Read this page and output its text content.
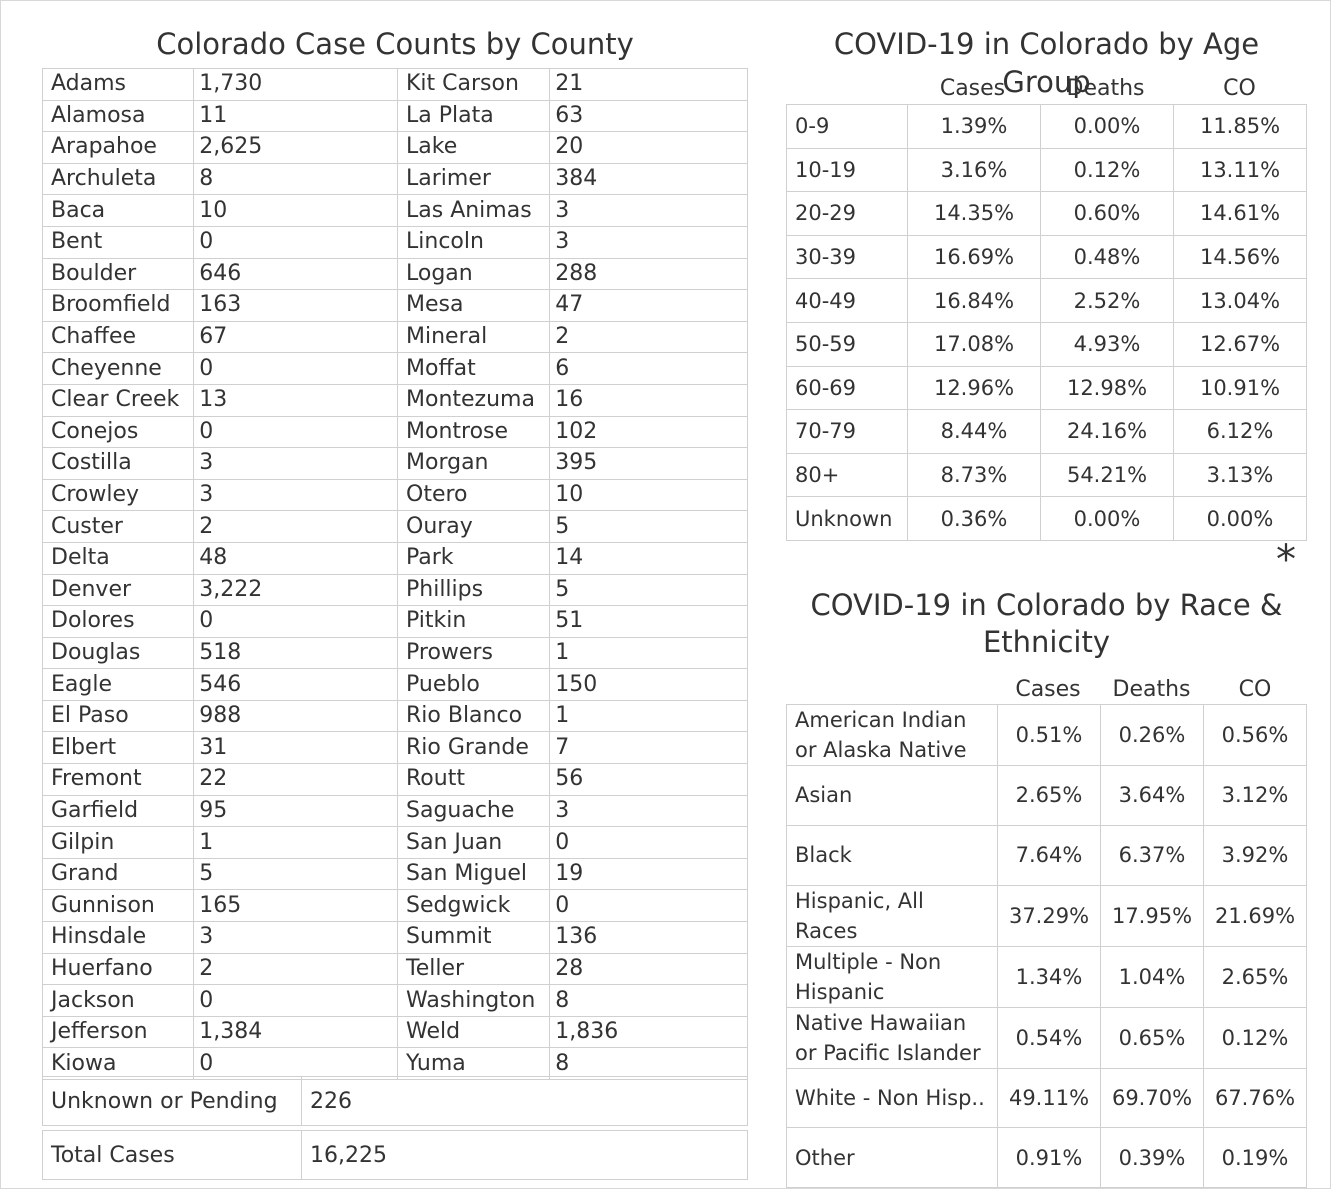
Colorado Case Counts by County
Adams	1,730	Kit Carson	21
Alamosa	11	La Plata	63
Arapahoe	2,625	Lake	20
Archuleta	8	Larimer	384
Baca	10	Las Animas	3
Bent	0	Lincoln	3
Boulder	646	Logan	288
Broomfield	163	Mesa	47
Chaffee	67	Mineral	2
Cheyenne	0	Moffat	6
Clear Creek	13	Montezuma	16
Conejos	0	Montrose	102
Costilla	3	Morgan	395
Crowley	3	Otero	10
Custer	2	Ouray	5
Delta	48	Park	14
Denver	3,222	Phillips	5
Dolores	0	Pitkin	51
Douglas	518	Prowers	1
Eagle	546	Pueblo	150
El Paso	988	Rio Blanco	1
Elbert	31	Rio Grande	7
Fremont	22	Routt	56
Garfield	95	Saguache	3
Gilpin	1	San Juan	0
Grand	5	San Miguel	19
Gunnison	165	Sedgwick	0
Hinsdale	3	Summit	136
Huerfano	2	Teller	28
Jackson	0	Washington	8
Jefferson	1,384	Weld	1,836
Kiowa	0	Yuma	8
Unknown or Pending	226
Total Cases	16,225
COVID-19 in Colorado by Age Group
Cases	Deaths	CO
0-9	1.39%	0.00%	11.85%
10-19	3.16%	0.12%	13.11%
20-29	14.35%	0.60%	14.61%
30-39	16.69%	0.48%	14.56%
40-49	16.84%	2.52%	13.04%
50-59	17.08%	4.93%	12.67%
60-69	12.96%	12.98%	10.91%
70-79	8.44%	24.16%	6.12%
80+	8.73%	54.21%	3.13%
Unknown	0.36%	0.00%	0.00%
*
COVID-19 in Colorado by Race &
Ethnicity
Cases	Deaths	CO
American Indian
or Alaska Native	0.51%	0.26%	0.56%

Asian	2.65%	3.64%	3.12%

Black	7.64%	6.37%	3.92%

Hispanic, All
Races	37.29%	17.95%	21.69%

Multiple - Non
Hispanic	1.34%	1.04%	2.65%

Native Hawaiian
or Pacific Islander	0.54%	0.65%	0.12%

White - Non Hisp..	49.11%	69.70%	67.76%

Other	0.91%	0.39%	0.19%
